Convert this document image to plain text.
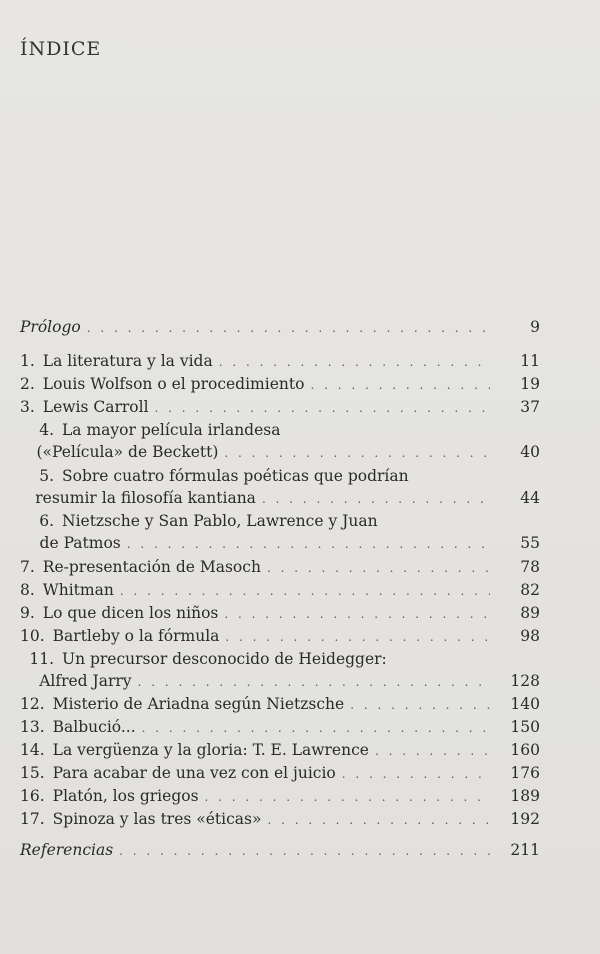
ÍNDICE
Prólogo . . .	9
1. La literatura y la vida . . .	11
2. Louis Wolfson o el procedimiento . . .	19
3. Lewis Carroll . . .	37
4. La mayor película irlandesa
(«Película» de Beckett) . . .	40
5. Sobre cuatro fórmulas poéticas que podrían
resumir la filosofía kantiana . . .	44
6. Nietzsche y San Pablo, Lawrence y Juan
de Patmos . . .	55
7. Re-presentación de Masoch . . .	78
8. Whitman . . .	82
9. Lo que dicen los niños . . .	89
10. Bartleby o la fórmula . . .	98
11. Un precursor desconocido de Heidegger:
Alfred Jarry . . .	128
12. Misterio de Ariadna según Nietzsche . . .	140
13. Balbució... . . .	150
14. La vergüenza y la gloria: T. E. Lawrence . . .	160
15. Para acabar de una vez con el juicio . . .	176
16. Platón, los griegos . . .	189
17. Spinoza y las tres «éticas» . . .	192
Referencias . . .	211
